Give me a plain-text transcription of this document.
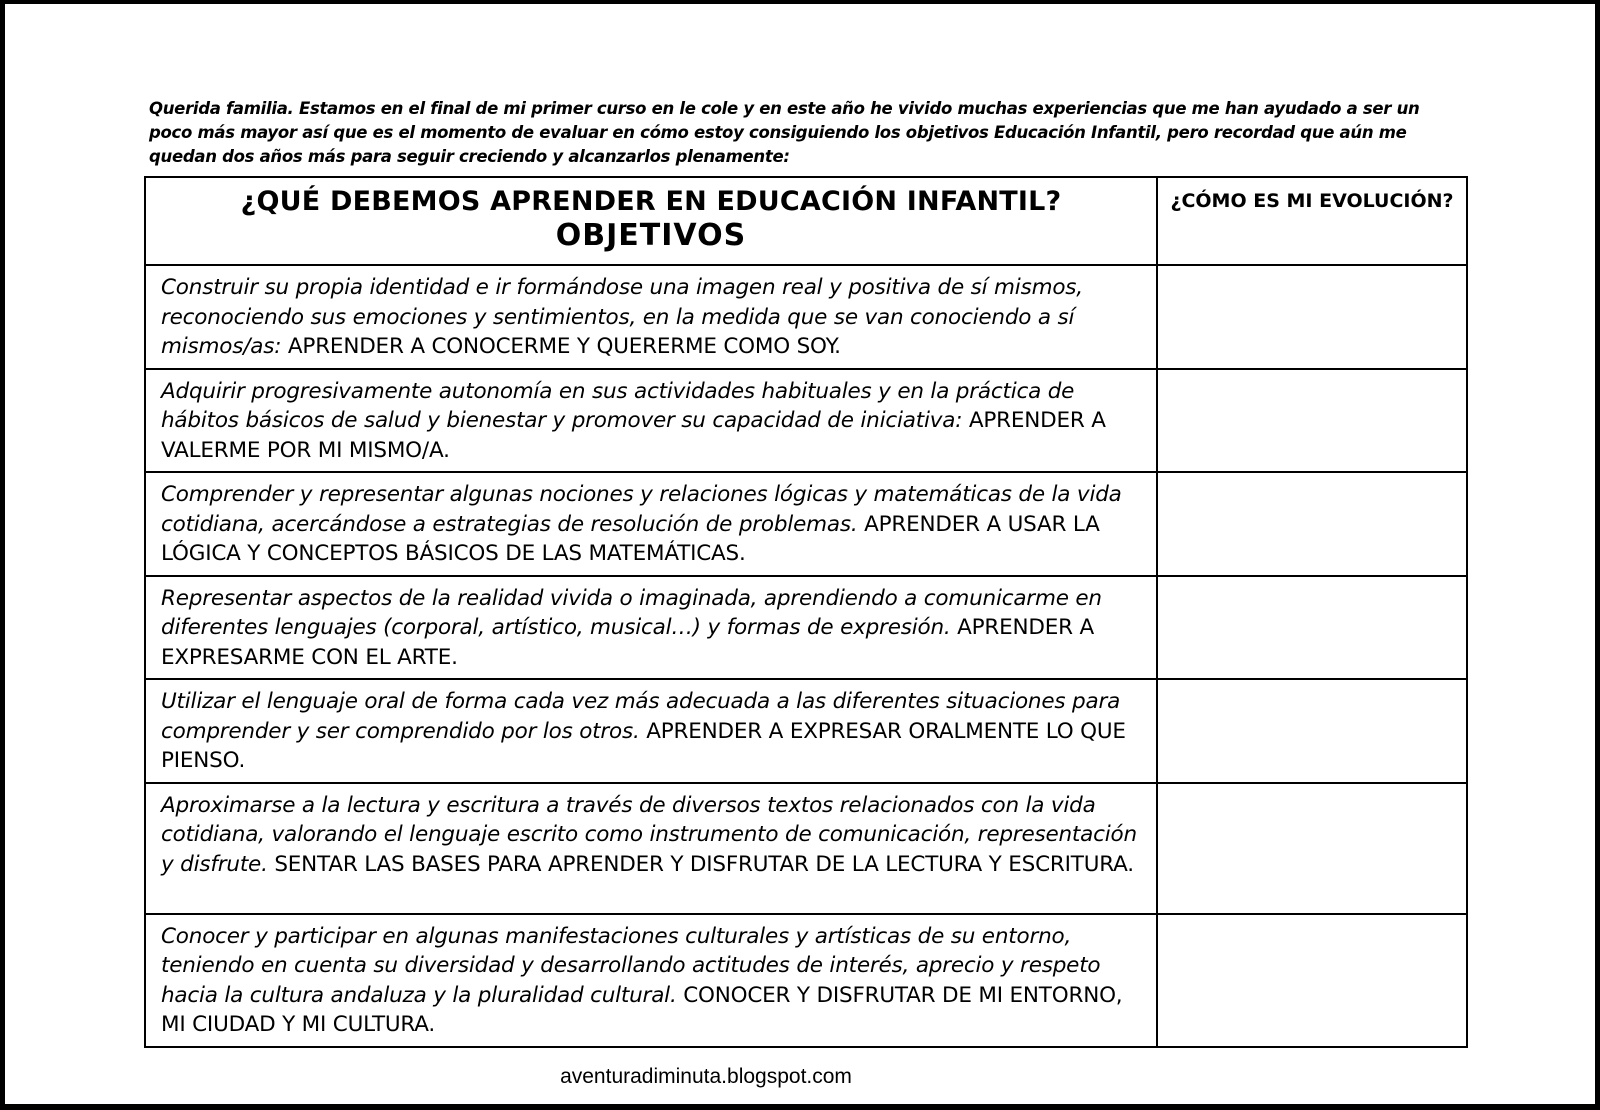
Querida familia. Estamos en el final de mi primer curso en le cole y en este año he vivido muchas experiencias que me han ayudado a ser un poco más mayor así que es el momento de evaluar en cómo estoy consiguiendo los objetivos Educación Infantil, pero recordad que aún me quedan dos años más para seguir creciendo y alcanzarlos plenamente:

¿QUÉ DEBEMOS APRENDER EN EDUCACIÓN INFANTIL?
OBJETIVOS	¿CÓMO ES MI EVOLUCIÓN?

Construir su propia identidad e ir formándose una imagen real y positiva de sí mismos, reconociendo sus emociones y sentimientos, en la medida que se van conociendo a sí mismos/as: APRENDER A CONOCERME Y QUERERME COMO SOY.	
Adquirir progresivamente autonomía en sus actividades habituales y en la práctica de hábitos básicos de salud y bienestar y promover su capacidad de iniciativa: APRENDER A VALERME POR MI MISMO/A.	
Comprender y representar algunas nociones y relaciones lógicas y matemáticas de la vida cotidiana, acercándose a estrategias de resolución de problemas. APRENDER A USAR LA LÓGICA Y CONCEPTOS BÁSICOS DE LAS MATEMÁTICAS.	
Representar aspectos de la realidad vivida o imaginada, aprendiendo a comunicarme en diferentes lenguajes (corporal, artístico, musical…) y formas de expresión. APRENDER A EXPRESARME CON EL ARTE.	
Utilizar el lenguaje oral de forma cada vez más adecuada a las diferentes situaciones para comprender y ser comprendido por los otros. APRENDER A EXPRESAR ORALMENTE LO QUE PIENSO.	
Aproximarse a la lectura y escritura a través de diversos textos relacionados con la vida cotidiana, valorando el lenguaje escrito como instrumento de comunicación, representación y disfrute. SENTAR LAS BASES PARA APRENDER Y DISFRUTAR DE LA LECTURA Y ESCRITURA.	
Conocer y participar en algunas manifestaciones culturales y artísticas de su entorno, teniendo en cuenta su diversidad y desarrollando actitudes de interés, aprecio y respeto hacia la cultura andaluza y la pluralidad cultural. CONOCER Y DISFRUTAR DE MI ENTORNO, MI CIUDAD Y MI CULTURA.	
aventuradiminuta.blogspot.com
